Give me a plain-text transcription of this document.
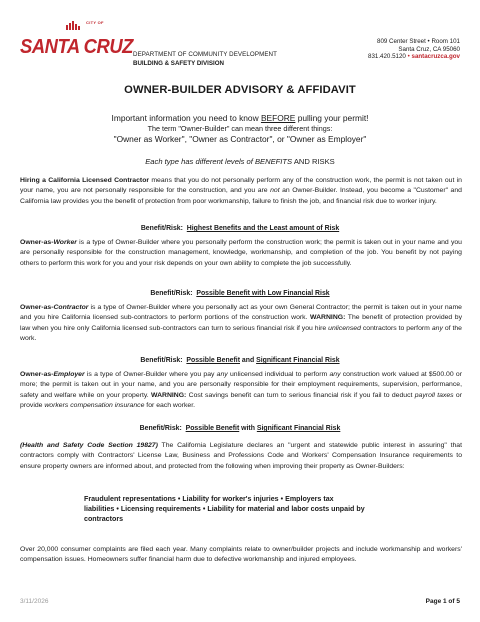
CITY OF
SANTA CRUZ DEPARTMENT OF COMMUNITY DEVELOPMENT
BUILDING & SAFETY DIVISION
809 Center Street • Room 101
Santa Cruz, CA 95060
831.420.5120 • santacruzca.gov
OWNER-BUILDER ADVISORY & AFFIDAVIT
Important information you need to know BEFORE pulling your permit!
The term "Owner-Builder" can mean three different things:
"Owner as Worker", "Owner as Contractor", or "Owner as Employer"
Each type has different levels of BENEFITS AND RISKS
Hiring a California Licensed Contractor means that you do not personally perform any of the construction work, the permit is not taken out in your name, you are not personally responsible for the construction, and you are not an Owner-Builder. Instead, you become a "Customer" and California law provides you the benefit of protection from poor workmanship, failure to finish the job, and financial risk due to worker injury.
Benefit/Risk: Highest Benefits and the Least amount of Risk
Owner-as-Worker is a type of Owner-Builder where you personally perform the construction work; the permit is taken out in your name and you are personally responsible for the construction management, knowledge, workmanship, and completion of the job. You benefit by not paying others to perform this work for you and your risk depends on your own ability to complete the job successfully.
Benefit/Risk: Possible Benefit with Low Financial Risk
Owner-as-Contractor is a type of Owner-Builder where you personally act as your own General Contractor; the permit is taken out in your name and you hire California licensed sub-contractors to perform portions of the construction work. WARNING: The benefit of protection provided by law when you hire only California licensed sub-contractors can turn to serious financial risk if you hire unlicensed contractors to perform any of the work.
Benefit/Risk: Possible Benefit and Significant Financial Risk
Owner-as-Employer is a type of Owner-Builder where you pay any unlicensed individual to perform any construction work valued at $500.00 or more; the permit is taken out in your name, and you are personally responsible for their employment requirements, supervision, performance, safety and welfare while on your property. WARNING: Cost savings benefit can turn to serious financial risk if you fail to deduct payroll taxes or provide workers compensation insurance for each worker.
Benefit/Risk: Possible Benefit with Significant Financial Risk
(Health and Safety Code Section 19827) The California Legislature declares an "urgent and statewide public interest in assuring" that contractors comply with Contractors' License Law, Business and Professions Code and Workers' Compensation Insurance requirements to ensure property owners are informed about, and protected from the following when improving their property as Owner-Builders:
Fraudulent representations • Liability for worker's injuries • Employers tax liabilities • Licensing requirements • Liability for material and labor costs unpaid by contractors
Over 20,000 consumer complaints are filed each year. Many complaints relate to owner/builder projects and include workmanship and workers' compensation issues. Homeowners suffer financial harm due to defective workmanship and injured employees.
3/11/2026	Page 1 of 5
